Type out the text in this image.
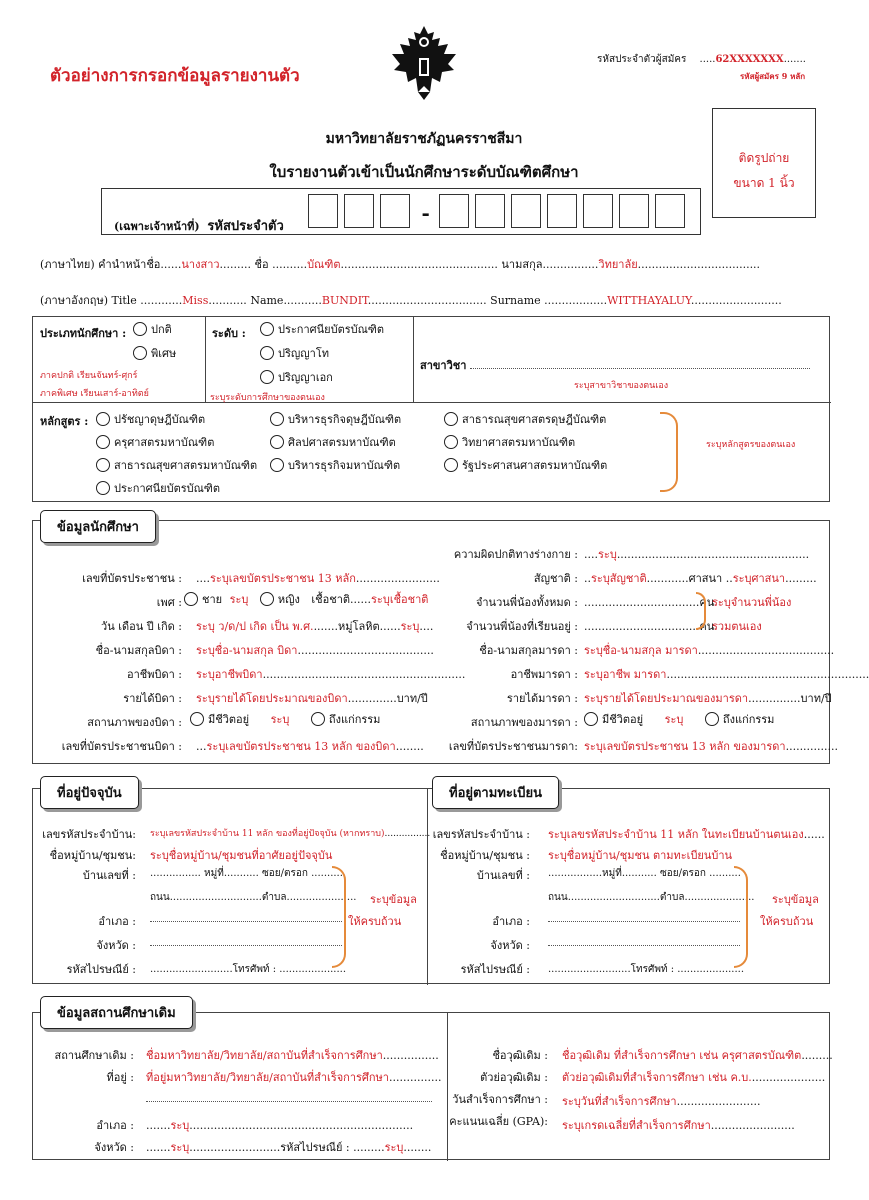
ตัวอย่างการกรอกข้อมูลรายงานตัว
รหัสประจำตัวผู้สมัคร .....62XXXXXXX.......
รหัสผู้สมัคร 9 หลัก
มหาวิทยาลัยราชภัฏนครราชสีมา
ใบรายงานตัวเข้าเป็นนักศึกษาระดับบัณฑิตศึกษา
ติดรูปถ่าย
ขนาด 1 นิ้ว
(เฉพาะเจ้าหน้าที่) รหัสประจำตัว
-
(ภาษาไทย) คำนำหน้าชื่อ......นางสาว......... ชื่อ ..........บัณฑิต............................................. นามสกุล................วิทยาลัย...................................
(ภาษาอังกฤษ) Title ............Miss........... Name...........BUNDIT.................................. Surname ..................WITTHAYALUY..........................
ประเภทนักศึกษา :	ปกติ
พิเศษ
ภาคปกติ เรียนจันทร์-ศุกร์
ภาคพิเศษ เรียนเสาร์-อาทิตย์
ระดับ :	ประกาศนียบัตรบัณฑิต
ปริญญาโท
ปริญญาเอก
ระบุระดับการศึกษาของตนเอง
สาขาวิชา
ระบุสาขาวิชาของตนเอง
หลักสูตร :	ปรัชญาดุษฎีบัณฑิต
ครุศาสตรมหาบัณฑิต
สาธารณสุขศาสตรมหาบัณฑิต
ประกาศนียบัตรบัณฑิต
บริหารธุรกิจดุษฎีบัณฑิต
ศิลปศาสตรมหาบัณฑิต
บริหารธุรกิจมหาบัณฑิต
สาธารณสุขศาสตรดุษฎีบัณฑิต
วิทยาศาสตรมหาบัณฑิต
รัฐประศาสนศาสตรมหาบัณฑิต
ระบุหลักสูตรของตนเอง
ข้อมูลนักศึกษา
เลขที่บัตรประชาชน : ....ระบุเลขบัตรประชาชน 13 หลัก........................
เพศ :	ชาย ระบุ	หญิง เชื้อชาติ......ระบุเชื้อชาติ
วัน เดือน ปี เกิด : ระบุ ว/ด/ป เกิด เป็น พ.ศ........หมู่โลหิต......ระบุ....
ชื่อ-นามสกุลบิดา : ระบุชื่อ-นามสกุล บิดา.......................................
อาชีพบิดา : ระบุอาชีพบิดา..........................................................
รายได้บิดา : ระบุรายได้โดยประมาณของบิดา..............บาท/ปี
สถานภาพของบิดา :	มีชีวิตอยู่ ระบุ	ถึงแก่กรรม
เลขที่บัตรประชาชนบิดา : ...ระบุเลขบัตรประชาชน 13 หลัก ของบิดา........
ความผิดปกติทางร่างกาย : ....ระบุ.......................................................
สัญชาติ : ..ระบุสัญชาติ............ศาสนา ..ระบุศาสนา.........
จำนวนพี่น้องทั้งหมด : .................................คน
จำนวนพี่น้องที่เรียนอยู่ : .................................คน
ระบุจำนวนพี่น้อง
รวมตนเอง
ชื่อ-นามสกุลมารดา : ระบุชื่อ-นามสกุล มารดา.......................................
อาชีพมารดา : ระบุอาชีพ มารดา..........................................................
รายได้มารดา : ระบุรายได้โดยประมาณของมารดา...............บาท/ปี
สถานภาพของมารดา :	มีชีวิตอยู่ ระบุ	ถึงแก่กรรม
เลขที่บัตรประชาชนมารดา: ระบุเลขบัตรประชาชน 13 หลัก ของมารดา...............
ที่อยู่ปัจจุบัน	ที่อยู่ตามทะเบียน
เลขรหัสประจำบ้าน: ระบุเลขรหัสประจำบ้าน 11 หลัก ของที่อยู่ปัจจุบัน (หากทราบ)................
ชื่อหมู่บ้าน/ชุมชน: ระบุชื่อหมู่บ้าน/ชุมชนที่อาศัยอยู่ปัจจุบัน
บ้านเลขที่ : ................ หมู่ที่........... ซอย/ตรอก ..........
ถนน.............................ตำบล......................
อำเภอ :
จังหวัด :
รหัสไปรษณีย์ : ..........................โทรศัพท์ : .....................
ระบุข้อมูล
ให้ครบถ้วน
เลขรหัสประจำบ้าน : ระบุเลขรหัสประจำบ้าน 11 หลัก ในทะเบียนบ้านตนเอง......
ชื่อหมู่บ้าน/ชุมชน : ระบุชื่อหมู่บ้าน/ชุมชน ตามทะเบียนบ้าน
บ้านเลขที่ : .................หมู่ที่........... ซอย/ตรอก ..........
ถนน.............................ตำบล......................
อำเภอ :
จังหวัด :
รหัสไปรษณีย์ : ..........................โทรศัพท์ : .....................
ระบุข้อมูล
ให้ครบถ้วน
ข้อมูลสถานศึกษาเดิม
สถานศึกษาเดิม : ชื่อมหาวิทยาลัย/วิทยาลัย/สถาบันที่สำเร็จการศึกษา................
ที่อยู่ : ที่อยู่มหาวิทยาลัย/วิทยาลัย/สถาบันที่สำเร็จการศึกษา...............
อำเภอ : .......ระบุ................................................................
จังหวัด : .......ระบุ..........................รหัสไปรษณีย์ : .........ระบุ........
ชื่อวุฒิเดิม : ชื่อวุฒิเดิม ที่สำเร็จการศึกษา เช่น ครุศาสตรบัณฑิต.........
ตัวย่อวุฒิเดิม : ตัวย่อวุฒิเดิมที่สำเร็จการศึกษา เช่น ค.บ......................
วันสำเร็จการศึกษา : ระบุวันที่สำเร็จการศึกษา........................
คะแนนเฉลี่ย (GPA): ระบุเกรดเฉลี่ยที่สำเร็จการศึกษา........................
